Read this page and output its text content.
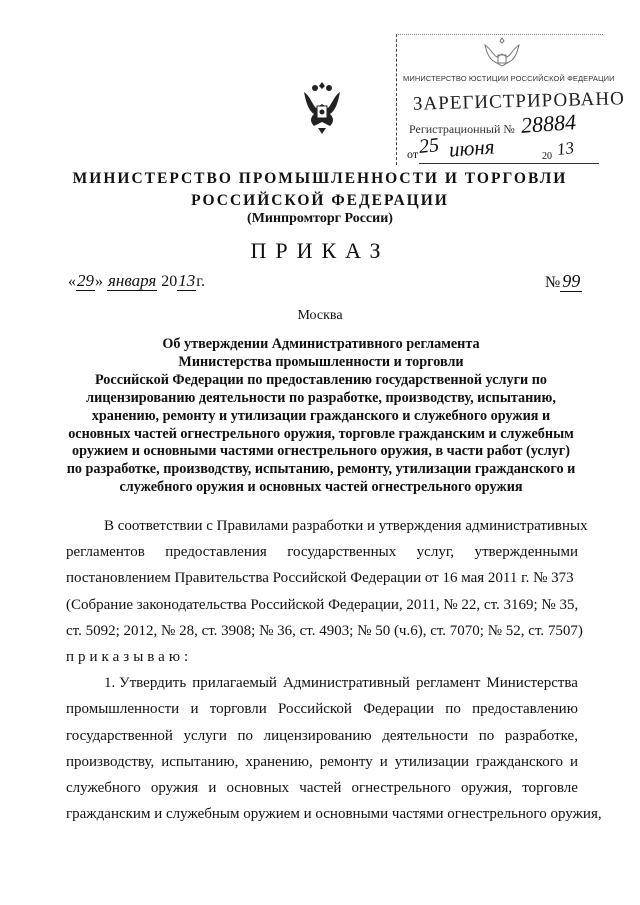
МИНИСТЕРСТВО ЮСТИЦИИ РОССИЙСКОЙ ФЕДЕРАЦИИ
ЗАРЕГИСТРИРОВАНО
Регистрационный № 28884
от 25 июня	20 13
МИНИСТЕРСТВО ПРОМЫШЛЕННОСТИ И ТОРГОВЛИ
РОССИЙСКОЙ ФЕДЕРАЦИИ
(Минпромторг России)
ПРИКАЗ
«29» января 2013г.	№ 99
Москва
Об утверждении Административного регламента
Министерства промышленности и торговли
Российской Федерации по предоставлению государственной услуги по
лицензированию деятельности по разработке, производству, испытанию,
хранению, ремонту и утилизации гражданского и служебного оружия и
основных частей огнестрельного оружия, торговле гражданским и служебным
оружием и основными частями огнестрельного оружия, в части работ (услуг)
по разработке, производству, испытанию, ремонту, утилизации гражданского и
служебного оружия и основных частей огнестрельного оружия
В соответствии с Правилами разработки и утверждения административных
регламентов предоставления государственных услуг, утвержденными
постановлением Правительства Российской Федерации от 16 мая 2011 г. № 373
(Собрание законодательства Российской Федерации, 2011, № 22, ст. 3169; № 35,
ст. 5092; 2012, № 28, ст. 3908; № 36, ст. 4903; № 50 (ч.6), ст. 7070; № 52, ст. 7507)
приказываю:
1. Утвердить прилагаемый Административный регламент Министерства
промышленности и торговли Российской Федерации по предоставлению
государственной услуги по лицензированию деятельности по разработке,
производству, испытанию, хранению, ремонту и утилизации гражданского и
служебного оружия и основных частей огнестрельного оружия, торговле
гражданским и служебным оружием и основными частями огнестрельного оружия,
